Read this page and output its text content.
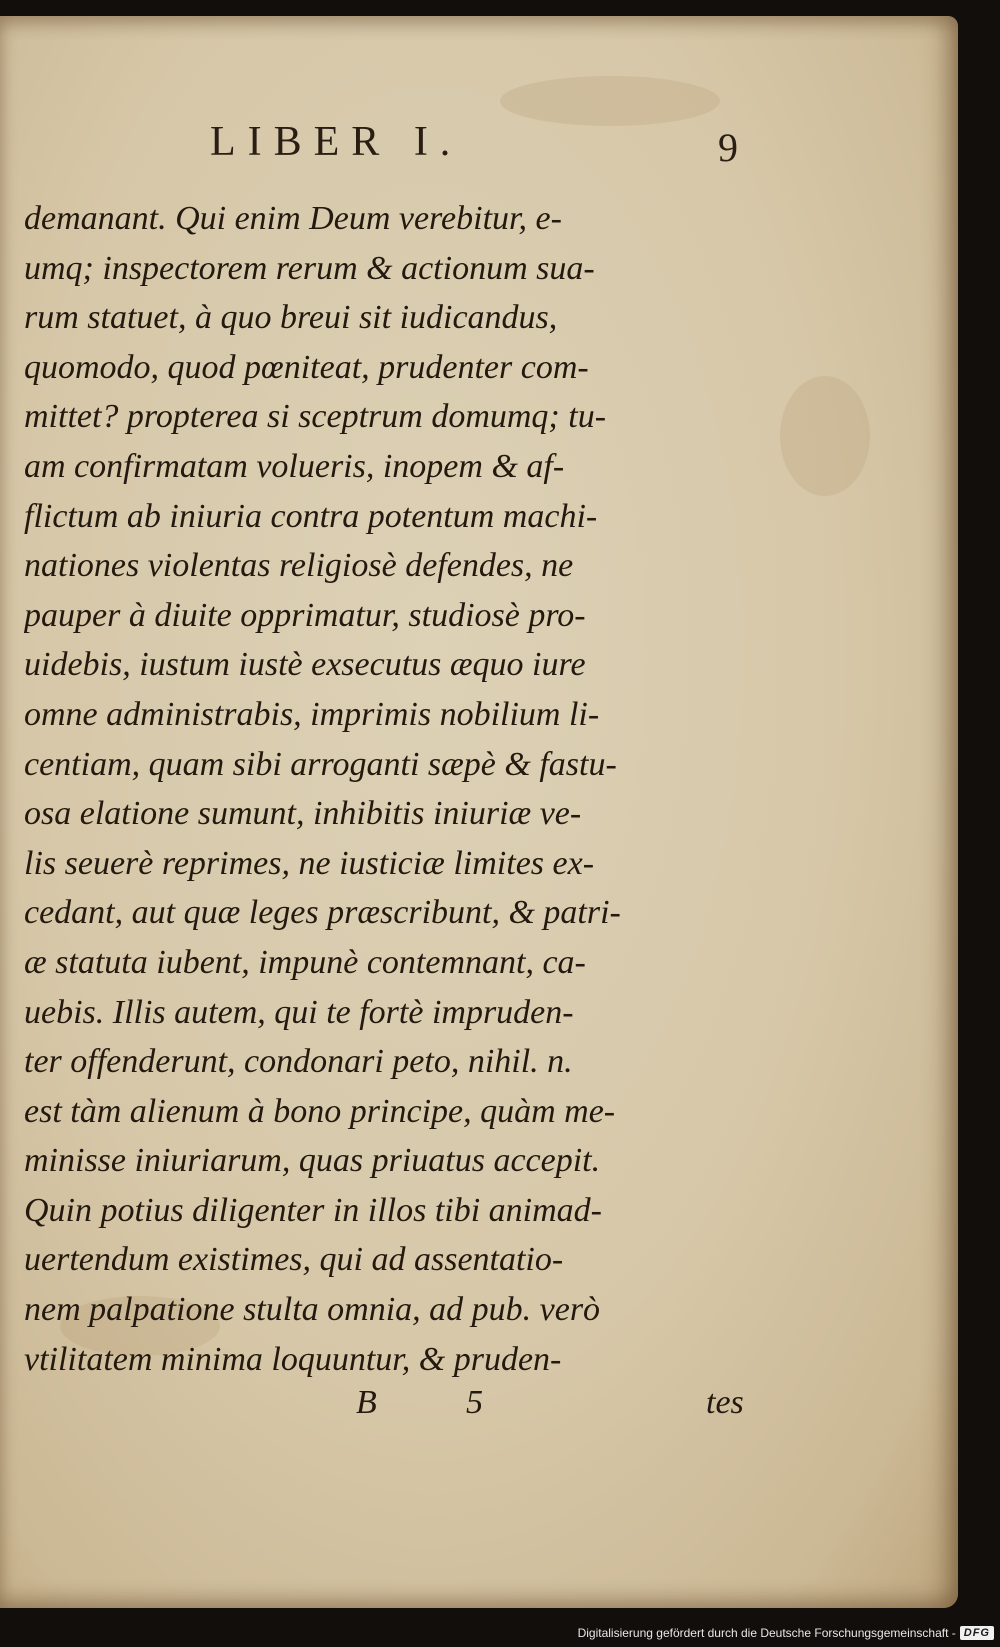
LIBER I.	9
demanant. Qui enim Deum verebitur, e-
umq; inspectorem rerum & actionum sua-
rum statuet, à quo breui sit iudicandus,
quomodo, quod pœniteat, prudenter com-
mittet? propterea si sceptrum domumq; tu-
am confirmatam volueris, inopem & af-
flictum ab iniuria contra potentum machi-
nationes violentas religiosè defendes, ne
pauper à diuite opprimatur, studiosè pro-
uidebis, iustum iustè exsecutus æquo iure
omne administrabis, imprimis nobilium li-
centiam, quam sibi arroganti sæpè & fastu-
osa elatione sumunt, inhibitis iniuriæ ve-
lis seuerè reprimes, ne iusticiæ limites ex-
cedant, aut quæ leges præscribunt, & patri-
æ statuta iubent, impunè contemnant, ca-
uebis. Illis autem, qui te fortè impruden-
ter offenderunt, condonari peto, nihil. n.
est tàm alienum à bono principe, quàm me-
minisse iniuriarum, quas priuatus accepit.
Quin potius diligenter in illos tibi animad-
uertendum existimes, qui ad assentatio-
nem palpatione stulta omnia, ad pub. verò
vtilitatem minima loquuntur, & pruden-
B	5	tes
Digitalisierung gefördert durch die Deutsche Forschungsgemeinschaft - DFG
